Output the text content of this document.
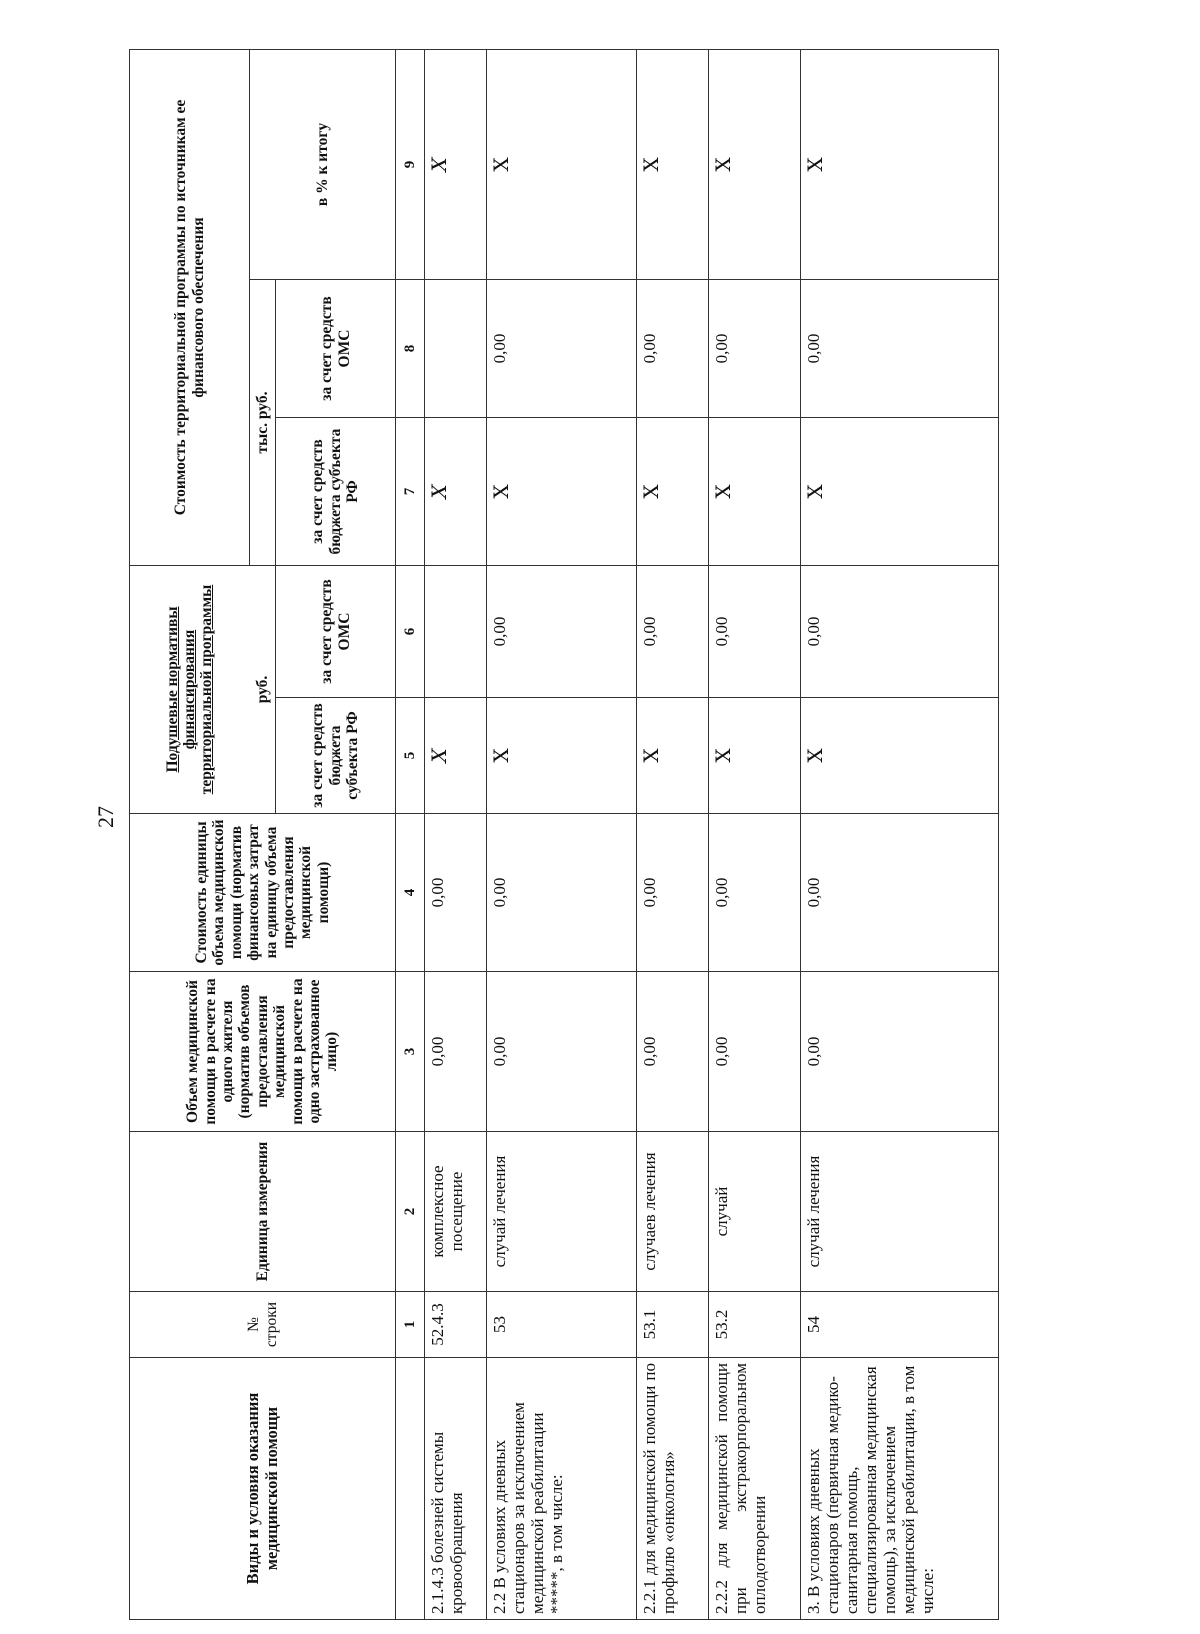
27
Виды и условия оказания медицинской помощи	№ строки	Единица измерения	Объем медицинской помощи в расчете на одного жителя (норматив объемов предоставления медицинской помощи в расчете на одно застрахованное лицо)	Стоимость единицы объема медицинской помощи (норматив финансовых затрат на единицу объема предоставления медицинской помощи)	Подушевые нормативы финансирования территориальной программы		Стоимость территориальной программы по источникам ее финансового обеспечения		
					руб.		тыс. руб.		в % к итогу
					за счет средств бюджета субъекта РФ	за счет средств ОМС	за счет средств бюджета субъекта РФ	за счет средств ОМС	
	1	2	3	4	5	6	7	8	9
2.1.4.3 болезней системы кровообращения	52.4.3	комплексное посещение	0,00	0,00	X		X		X
2.2 В условиях дневных стационаров за исключением медицинской реабилитации *****, в том числе:	53	случай лечения	0,00	0,00	X	0,00	X	0,00	X
2.2.1 для медицинской помощи по профилю «онкология»	53.1	случаев лечения	0,00	0,00	X	0,00	X	0,00	X
2.2.2 для медицинской помощи при экстракорпоральном оплодотворении	53.2	случай	0,00	0,00	X	0,00	X	0,00	X
3. В условиях дневных стационаров (первичная медико-санитарная помощь, специализированная медицинская помощь), за исключением медицинской реабилитации, в том числе:	54	случай лечения	0,00	0,00	X	0,00	X	0,00	X
